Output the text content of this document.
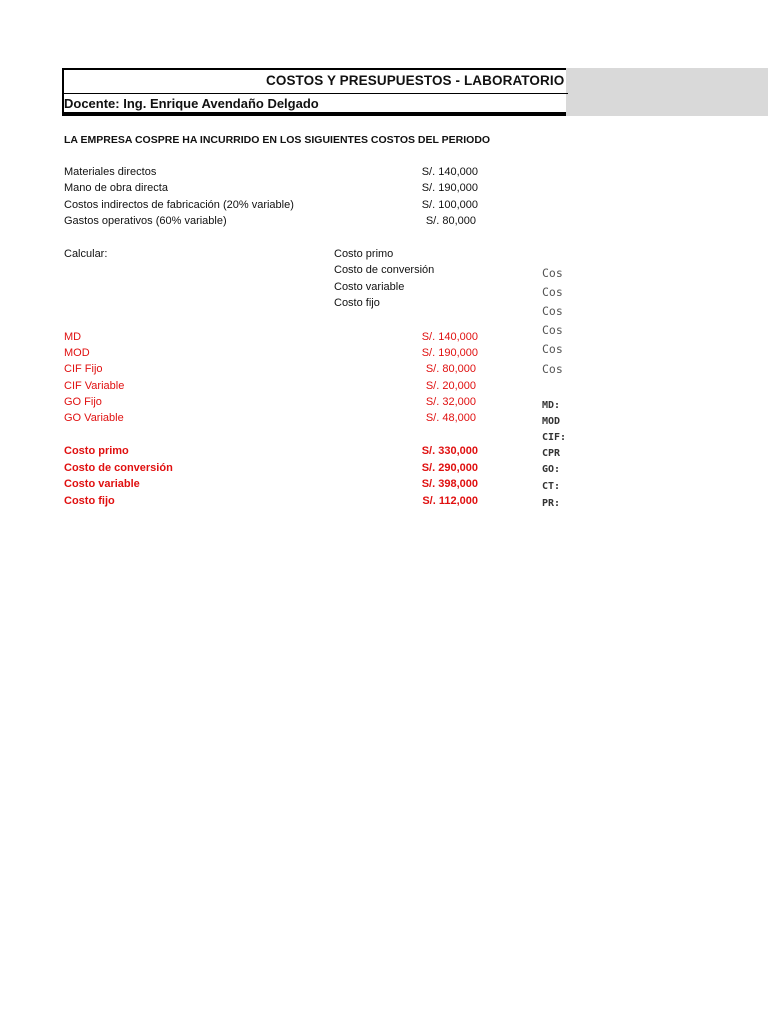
COSTOS Y PRESUPUESTOS - LABORATORIO
Docente: Ing. Enrique Avendaño Delgado
LA EMPRESA COSPRE HA INCURRIDO EN LOS SIGUIENTES COSTOS DEL PERIODO
Materiales directos	S/. 140,000
Mano de obra directa	S/. 190,000
Costos indirectos de fabricación (20% variable)	S/. 100,000
Gastos operativos (60% variable)	S/. 80,000
Calcular:	Costo primo
Costo de conversión
Costo variable
Costo fijo
MD	S/. 140,000
MOD	S/. 190,000
CIF Fijo	S/. 80,000
CIF Variable	S/. 20,000
GO Fijo	S/. 32,000
GO Variable	S/. 48,000
Costo primo	S/. 330,000
Costo de conversión	S/. 290,000
Costo variable	S/. 398,000
Costo fijo	S/. 112,000
Cos
Cos
Cos
Cos
Cos
Cos
MD:
MOD
CIF:
CPR
GO:
CT:
PR:
